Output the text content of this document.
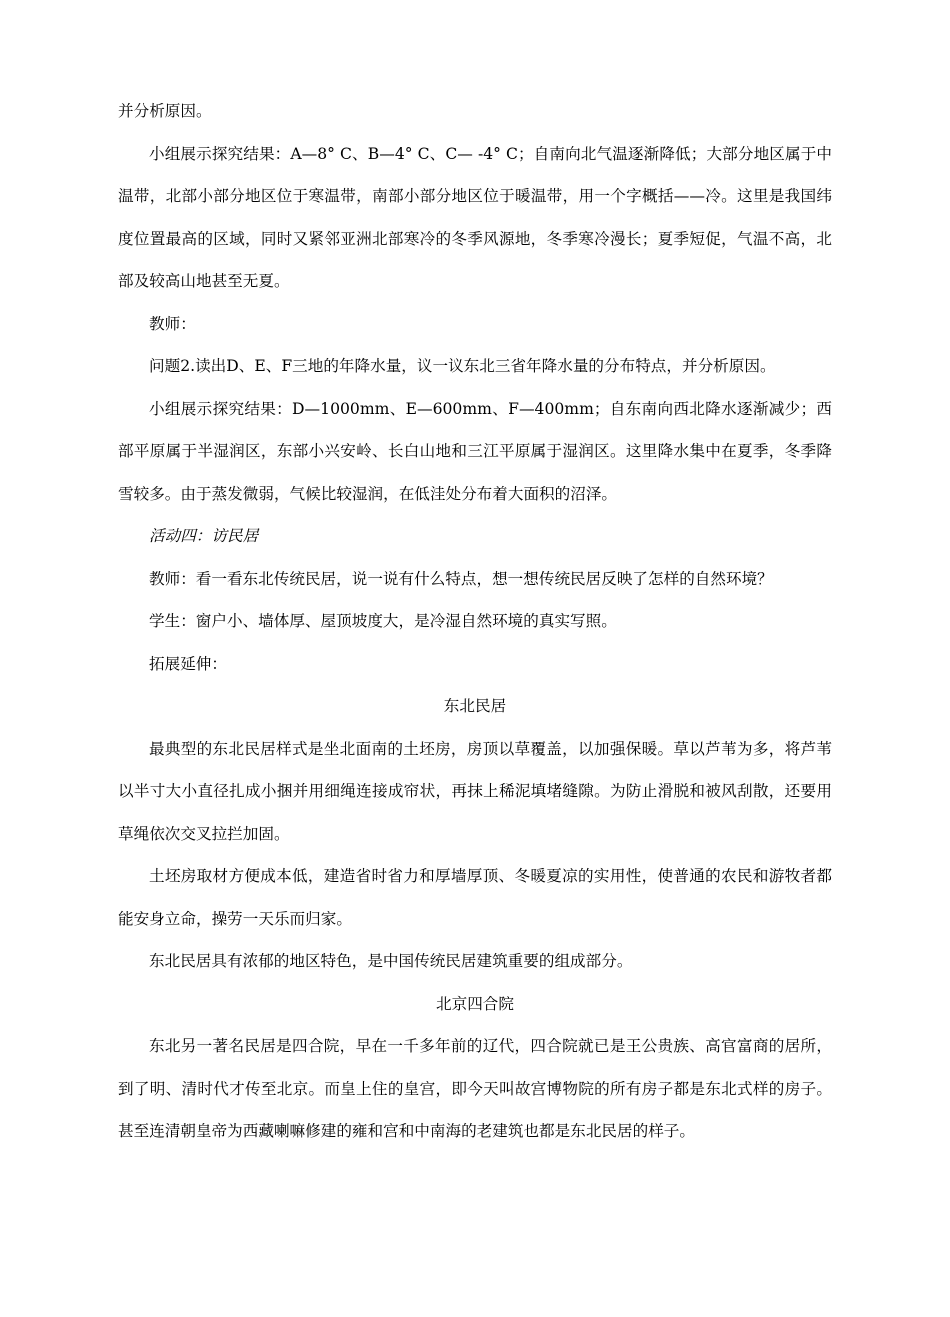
并分析原因。

小组展示探究结果：A—8° C、B—4° C、C— -4° C；自南向北气温逐渐降低；大部分地区属于中温带，北部小部分地区位于寒温带，南部小部分地区位于暖温带，用一个字概括——冷。这里是我国纬度位置最高的区域，同时又紧邻亚洲北部寒冷的冬季风源地，冬季寒冷漫长；夏季短促，气温不高，北部及较高山地甚至无夏。

教师：

问题2.读出D、E、F三地的年降水量，议一议东北三省年降水量的分布特点，并分析原因。

小组展示探究结果：D—1000mm、E—600mm、F—400mm；自东南向西北降水逐渐减少；西部平原属于半湿润区，东部小兴安岭、长白山地和三江平原属于湿润区。这里降水集中在夏季，冬季降雪较多。由于蒸发微弱，气候比较湿润，在低洼处分布着大面积的沼泽。

活动四：访民居

教师：看一看东北传统民居，说一说有什么特点，想一想传统民居反映了怎样的自然环境？

学生：窗户小、墙体厚、屋顶坡度大，是冷湿自然环境的真实写照。

拓展延伸：

东北民居

最典型的东北民居样式是坐北面南的土坯房，房顶以草覆盖，以加强保暖。草以芦苇为多，将芦苇以半寸大小直径扎成小捆并用细绳连接成帘状，再抹上稀泥填堵缝隙。为防止滑脱和被风刮散，还要用草绳依次交叉拉拦加固。

土坯房取材方便成本低，建造省时省力和厚墙厚顶、冬暖夏凉的实用性，使普通的农民和游牧者都能安身立命，操劳一天乐而归家。

东北民居具有浓郁的地区特色，是中国传统民居建筑重要的组成部分。

北京四合院

东北另一著名民居是四合院，早在一千多年前的辽代，四合院就已是王公贵族、高官富商的居所，到了明、清时代才传至北京。而皇上住的皇宫，即今天叫故宫博物院的所有房子都是东北式样的房子。甚至连清朝皇帝为西藏喇嘛修建的雍和宫和中南海的老建筑也都是东北民居的样子。
